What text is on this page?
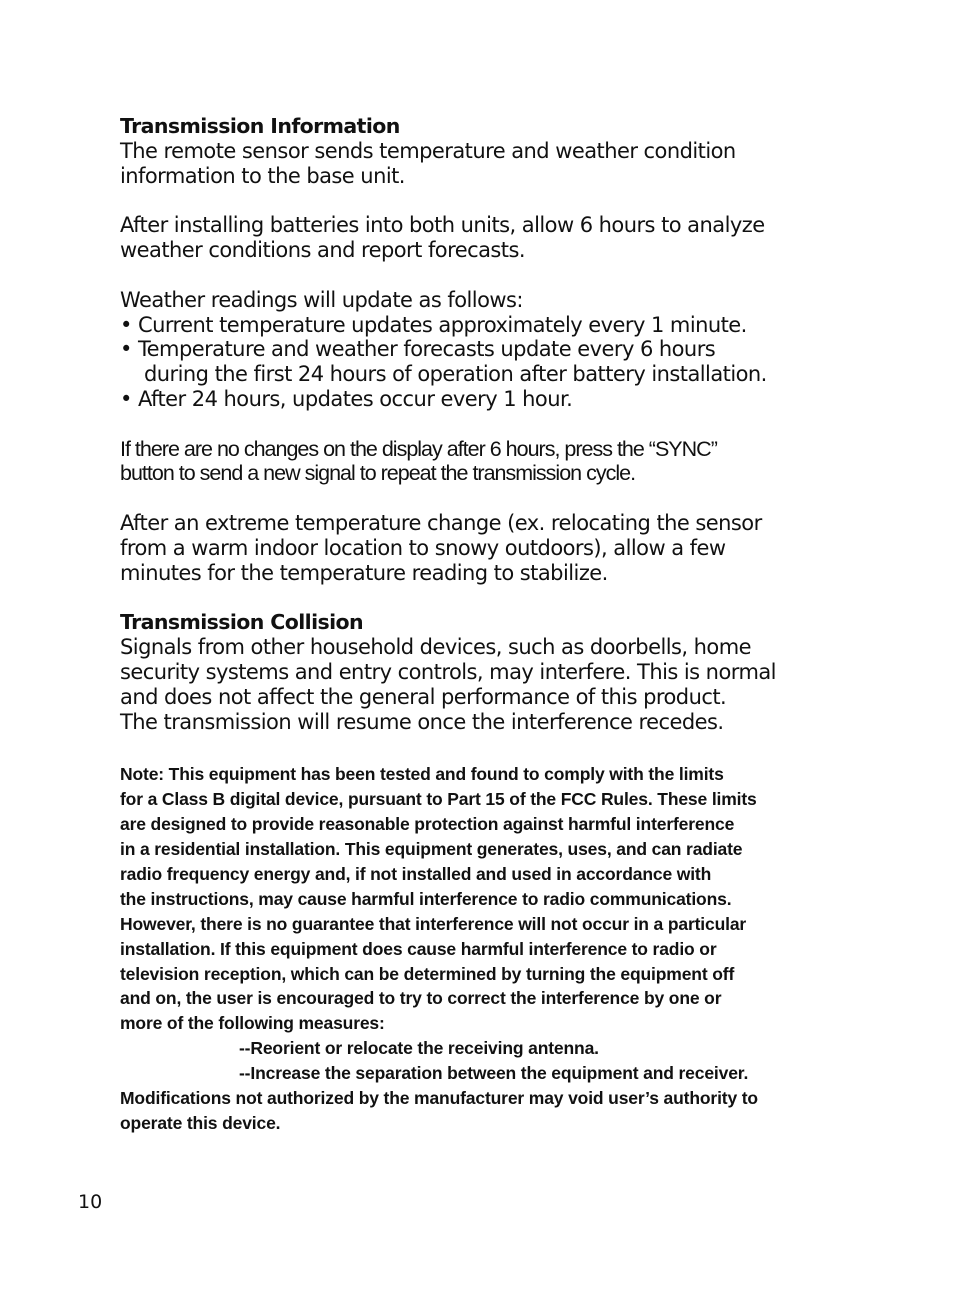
Transmission Information

The remote sensor sends temperature and weather condition
information to the base unit.

After installing batteries into both units, allow 6 hours to analyze
weather conditions and report forecasts.

Weather readings will update as follows:
• Current temperature updates approximately every 1 minute.
• Temperature and weather forecasts update every 6 hours
during the first 24 hours of operation after battery installation.
• After 24 hours, updates occur every 1 hour.

If there are no changes on the display after 6 hours, press the “SYNC”
button to send a new signal to repeat the transmission cycle.

After an extreme temperature change (ex. relocating the sensor
from a warm indoor location to snowy outdoors), allow a few
minutes for the temperature reading to stabilize.

Transmission Collision

Signals from other household devices, such as doorbells, home
security systems and entry controls, may interfere. This is normal
and does not affect the general performance of this product.
The transmission will resume once the interference recedes.

Note: This equipment has been tested and found to comply with the limits
for a Class B digital device, pursuant to Part 15 of the FCC Rules. These limits
are designed to provide reasonable protection against harmful interference
in a residential installation. This equipment generates, uses, and can radiate
radio frequency energy and, if not installed and used in accordance with
the instructions, may cause harmful interference to radio communications.
However, there is no guarantee that interference will not occur in a particular
installation. If this equipment does cause harmful interference to radio or
television reception, which can be determined by turning the equipment off
and on, the user is encouraged to try to correct the interference by one or
more of the following measures:
--Reorient or relocate the receiving antenna.
--Increase the separation between the equipment and receiver.
Modifications not authorized by the manufacturer may void user’s authority to
operate this device.

10
